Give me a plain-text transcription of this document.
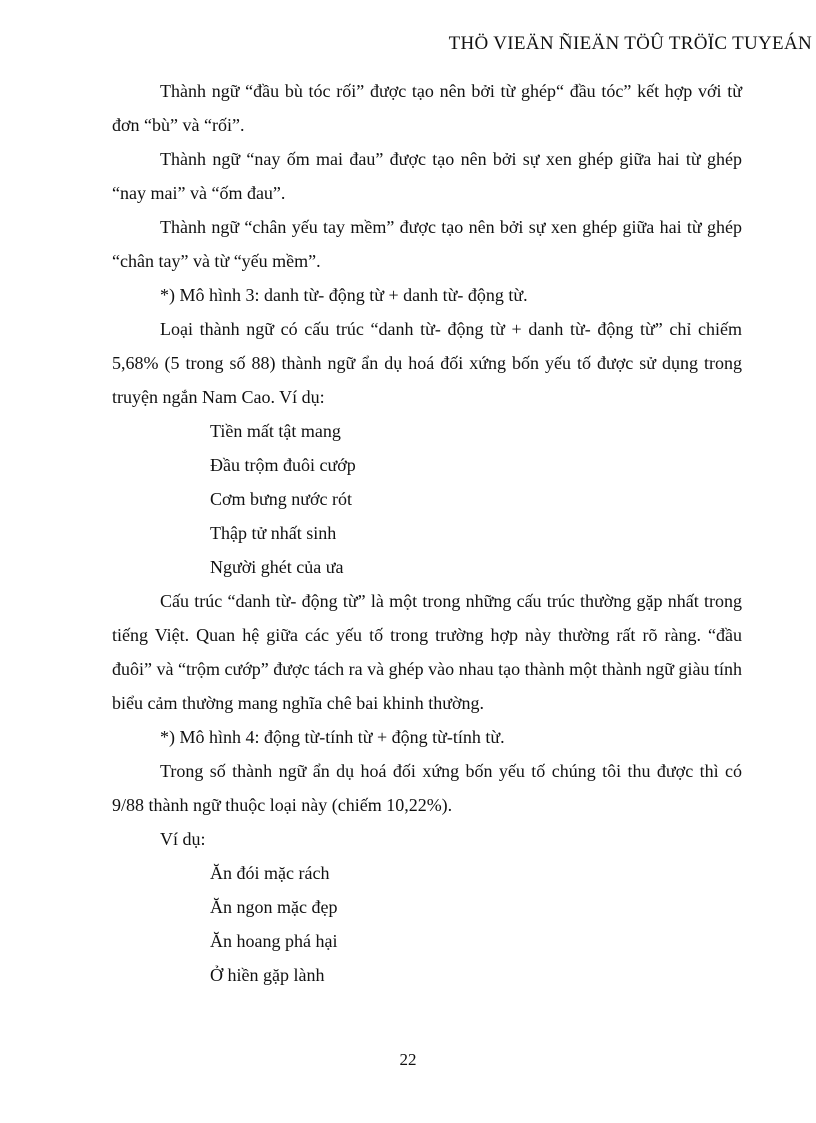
THÖ VIEÄN ÑIEÄN TÖÛ TRÖÏC TUYEÁN

Thành ngữ “đầu bù tóc rối” được tạo nên bởi từ ghép“ đầu tóc” kết hợp với từ đơn “bù” và “rối”.

Thành ngữ “nay ốm mai đau” được tạo nên bởi sự xen ghép giữa hai từ ghép “nay mai” và “ốm đau”.

Thành ngữ “chân yếu tay mềm” được tạo nên bởi sự xen ghép giữa hai từ ghép “chân tay” và từ “yếu mềm”.

*) Mô hình 3: danh từ- động từ + danh từ- động từ.

Loại thành ngữ có cấu trúc “danh từ- động từ + danh từ- động từ” chỉ chiếm 5,68% (5 trong số 88) thành ngữ ẩn dụ hoá đối xứng bốn yếu tố được sử dụng trong truyện ngắn Nam Cao. Ví dụ:

Tiền mất tật mang

Đầu trộm đuôi cướp

Cơm bưng nước rót

Thập tử nhất sinh

Người ghét của ưa

Cấu trúc “danh từ- động từ” là một trong những cấu trúc thường gặp nhất trong tiếng Việt. Quan hệ giữa các yếu tố trong trường hợp này thường rất rõ ràng. “đầu đuôi” và “trộm cướp” được tách ra và ghép vào nhau tạo thành một thành ngữ giàu tính biểu cảm thường mang nghĩa chê bai khinh thường.

*) Mô hình 4: động từ-tính từ + động từ-tính từ.

Trong số thành ngữ ẩn dụ hoá đối xứng bốn yếu tố chúng tôi thu được thì có 9/88 thành ngữ thuộc loại này (chiếm 10,22%).

Ví dụ:

Ăn đói mặc rách

Ăn ngon mặc đẹp

Ăn hoang phá hại

Ở hiền gặp lành

22
